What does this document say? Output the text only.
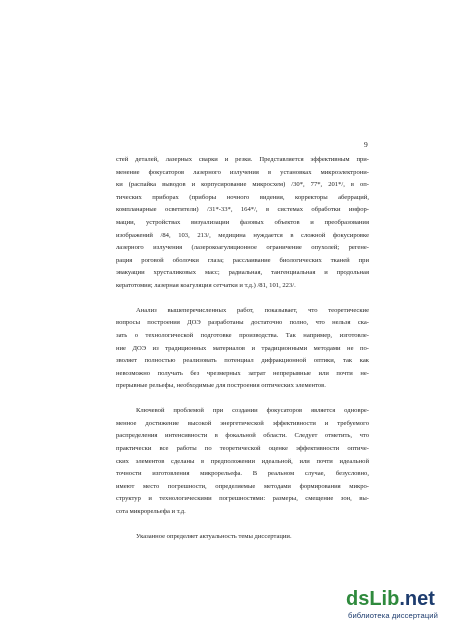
9
стей деталей, лазерных сварки и резки. Представляется эффективным при-
менение фокусаторов лазерного излучения в установках микроэлектрони-
ки (распайка выводов и корпусирование микросхем) /30*, 77*, 201*/, в оп-
тических приборах (приборы ночного видения, корректоры аберраций,
компланарные осветители) /31*-33*, 164*/, в системах обработки инфор-
мации, устройствах визуализации фазовых объектов и преобразования
изображений /84, 103, 213/, медицина нуждается в сложной фокусировке
лазерного излучения (лазерокоагуляционное ограничение опухолей; регене-
рация роговой оболочки глаза; расслаивание биологических тканей при
эвакуации хрусталиковых масс; радиальная, тангенциальная и продольная
кератотомия; лазерная коагуляция сетчатки и т.д.) /81, 101, 223/.
Анализ вышеперечисленных работ, показывает, что теоретические
вопросы построения ДОЭ разработаны достаточно полно, что нельзя ска-
зать о технологической подготовке производства. Так например, изготовле-
ние ДОЭ из традиционных материалов и традиционными методами не по-
зволяет полностью реализовать потенциал дифракционной оптики, так как
невозможно получать без чрезмерных затрат непрерывные или почти не-
прерывные рельефы, необходимые для построения оптических элементов.
Ключевой проблемой при создании фокусаторов является одновре-
менное достижение высокой энергетической эффективности и требуемого
распределения интенсивности в фокальной области. Следует отметить, что
практически все работы по теоретической оценке эффективности оптиче-
ских элементов сделаны в предположении идеальной, или почти идеальной
точности изготовления микрорельефа. В реальном случае, безусловно,
имеют место погрешности, определяемые методами формирования микро-
структур и технологическими погрешностями: размеры, смещение зон, вы-
сота микрорельефа и т.д.
Указанное определяет актуальность темы диссертации.
dsLib.net
библиотека диссертаций
